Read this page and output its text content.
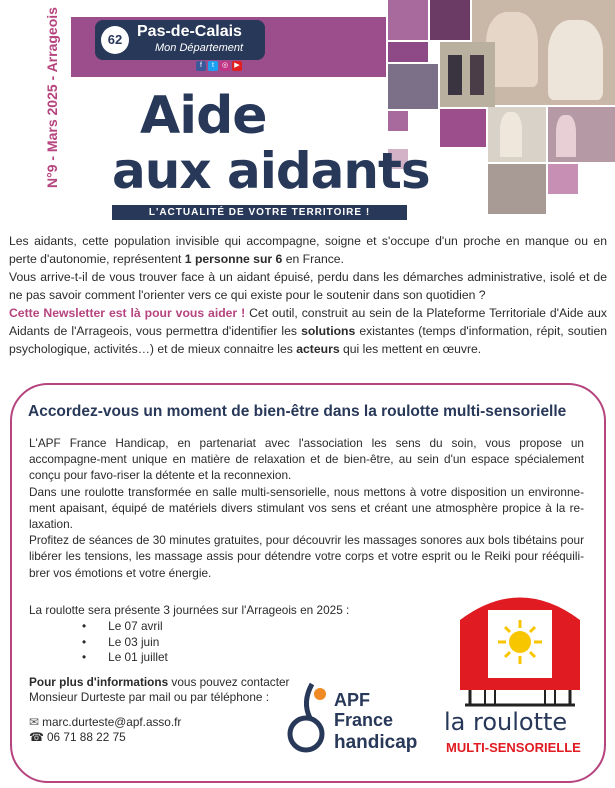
N°9 - Mars 2025 - Arrageois	62 Pas-de-Calais
Mon Département
f	t	◎ ▶
Aide
aux aidants
L'ACTUALITÉ DE VOTRE TERRITOIRE !

Les aidants, cette population invisible qui accompagne, soigne et s'occupe d'un proche en manque ou en perte d'autonomie, représentent 1 personne sur 6 en France.

Vous arrive-t-il de vous trouver face à un aidant épuisé, perdu dans les démarches administrative, isolé et de ne pas savoir comment l'orienter vers ce qui existe pour le soutenir dans son quotidien ?

Cette Newsletter est là pour vous aider ! Cet outil, construit au sein de la Plateforme Territoriale d'Aide aux Aidants de l'Arrageois, vous permettra d'identifier les solutions existantes (temps d'information, répit, soutien psychologique, activités…) et de mieux connaitre les acteurs qui les mettent en œuvre.

Accordez-vous un moment de bien-être dans la roulotte multi-sensorielle

L'APF France Handicap, en partenariat avec l'association les sens du soin, vous propose un accompagne-ment unique en matière de relaxation et de bien-être, au sein d'un espace spécialement conçu pour favo-riser la détente et la reconnexion.

Dans une roulotte transformée en salle multi-sensorielle, nous mettons à votre disposition un environne-ment apaisant, équipé de matériels divers stimulant vos sens et créant une atmosphère propice à la re-laxation.

Profitez de séances de 30 minutes gratuites, pour découvrir les massages sonores aux bols tibétains pour libérer les tensions, les massage assis pour détendre votre corps et votre esprit ou le Reiki pour rééquili-brer vos émotions et votre énergie.

La roulotte sera présente 3 journées sur l'Arrageois en 2025 :
• Le 07 avril
• Le 03 juin
• Le 01 juillet
Pour plus d'informations vous pouvez contacter
Monsieur Durteste par mail ou par téléphone :
✉ marc.durteste@apf.asso.fr
☎ 06 71 88 22 75
APF
France
handicap
la roulotte
MULTI-SENSORIELLE
